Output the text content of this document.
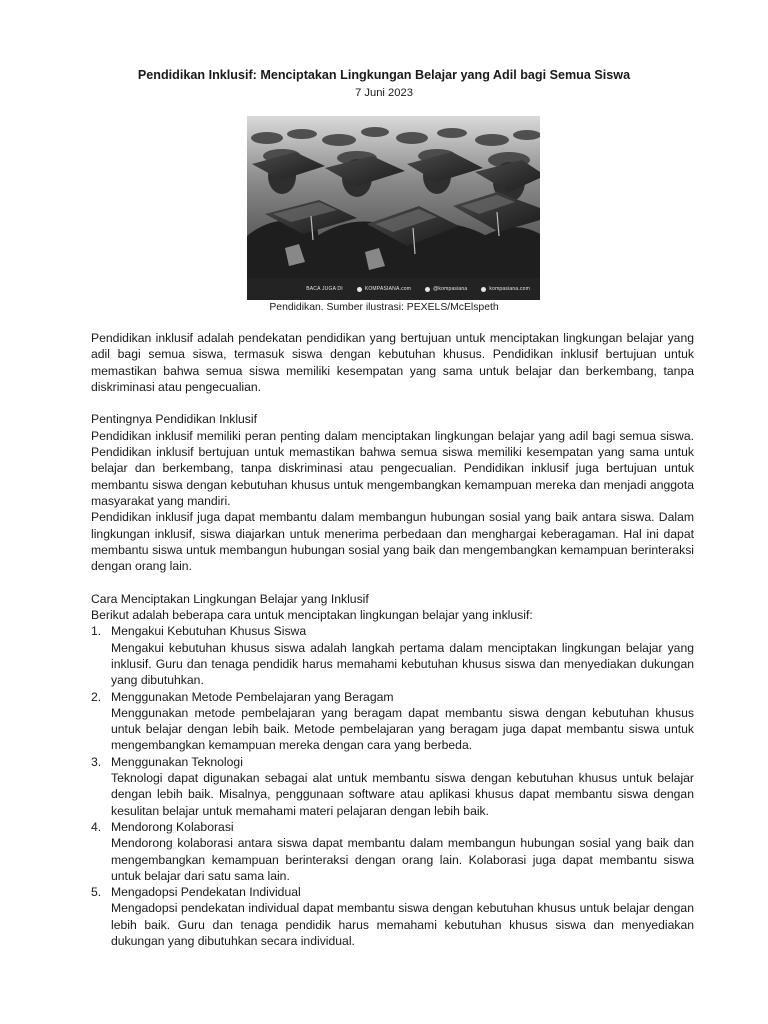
Pendidikan Inklusif: Menciptakan Lingkungan Belajar yang Adil bagi Semua Siswa
7 Juni 2023
BACA JUGA DI	KOMPASIANA.com	@kompasiana	kompasiana.com
Pendidikan. Sumber ilustrasi: PEXELS/McElspeth

Pendidikan inklusif adalah pendekatan pendidikan yang bertujuan untuk menciptakan lingkungan belajar yang adil bagi semua siswa, termasuk siswa dengan kebutuhan khusus. Pendidikan inklusif bertujuan untuk memastikan bahwa semua siswa memiliki kesempatan yang sama untuk belajar dan berkembang, tanpa diskriminasi atau pengecualian.

Pentingnya Pendidikan Inklusif

Pendidikan inklusif memiliki peran penting dalam menciptakan lingkungan belajar yang adil bagi semua siswa. Pendidikan inklusif bertujuan untuk memastikan bahwa semua siswa memiliki kesempatan yang sama untuk belajar dan berkembang, tanpa diskriminasi atau pengecualian. Pendidikan inklusif juga bertujuan untuk membantu siswa dengan kebutuhan khusus untuk mengembangkan kemampuan mereka dan menjadi anggota masyarakat yang mandiri.

Pendidikan inklusif juga dapat membantu dalam membangun hubungan sosial yang baik antara siswa. Dalam lingkungan inklusif, siswa diajarkan untuk menerima perbedaan dan menghargai keberagaman. Hal ini dapat membantu siswa untuk membangun hubungan sosial yang baik dan mengembangkan kemampuan berinteraksi dengan orang lain.

Cara Menciptakan Lingkungan Belajar yang Inklusif

Berikut adalah beberapa cara untuk menciptakan lingkungan belajar yang inklusif:

1. Mengakui Kebutuhan Khusus Siswa
Mengakui kebutuhan khusus siswa adalah langkah pertama dalam menciptakan lingkungan belajar yang inklusif. Guru dan tenaga pendidik harus memahami kebutuhan khusus siswa dan menyediakan dukungan yang dibutuhkan.
2. Menggunakan Metode Pembelajaran yang Beragam
Menggunakan metode pembelajaran yang beragam dapat membantu siswa dengan kebutuhan khusus untuk belajar dengan lebih baik. Metode pembelajaran yang beragam juga dapat membantu siswa untuk mengembangkan kemampuan mereka dengan cara yang berbeda.
3. Menggunakan Teknologi
Teknologi dapat digunakan sebagai alat untuk membantu siswa dengan kebutuhan khusus untuk belajar dengan lebih baik. Misalnya, penggunaan software atau aplikasi khusus dapat membantu siswa dengan kesulitan belajar untuk memahami materi pelajaran dengan lebih baik.
4. Mendorong Kolaborasi
Mendorong kolaborasi antara siswa dapat membantu dalam membangun hubungan sosial yang baik dan mengembangkan kemampuan berinteraksi dengan orang lain. Kolaborasi juga dapat membantu siswa untuk belajar dari satu sama lain.
5. Mengadopsi Pendekatan Individual
Mengadopsi pendekatan individual dapat membantu siswa dengan kebutuhan khusus untuk belajar dengan lebih baik. Guru dan tenaga pendidik harus memahami kebutuhan khusus siswa dan menyediakan dukungan yang dibutuhkan secara individual.
